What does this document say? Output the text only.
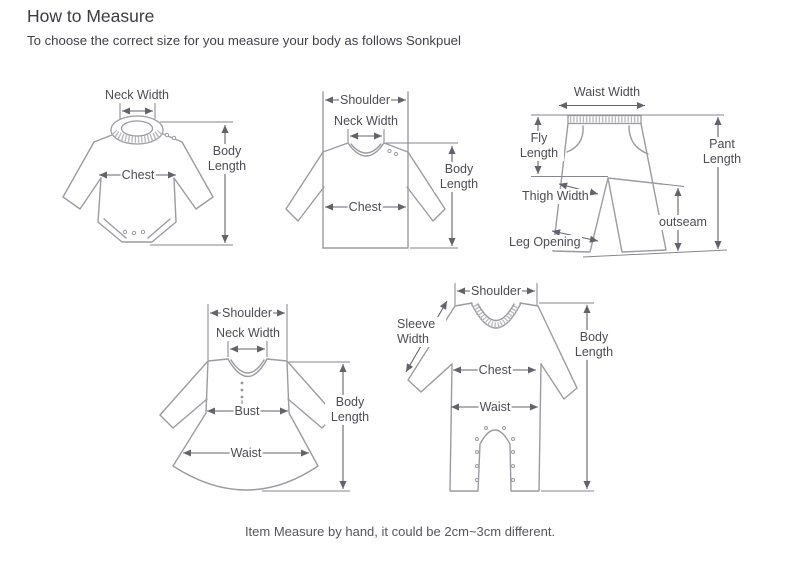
How to Measure
To choose the correct size for you measure your body as follows Sonkpuel
Neck Width
Chest
Body Length
Shoulder
Neck Width
Chest
Body Length
Waist Width
Fly Length
Pant Length
Thigh Width
outseam
Leg Opening
Shoulder
Neck Width
Bust
Waist
Body Length
Shoulder
Sleeve Width
Chest
Waist
Body Length
Item Measure by hand, it could be 2cm~3cm different.
